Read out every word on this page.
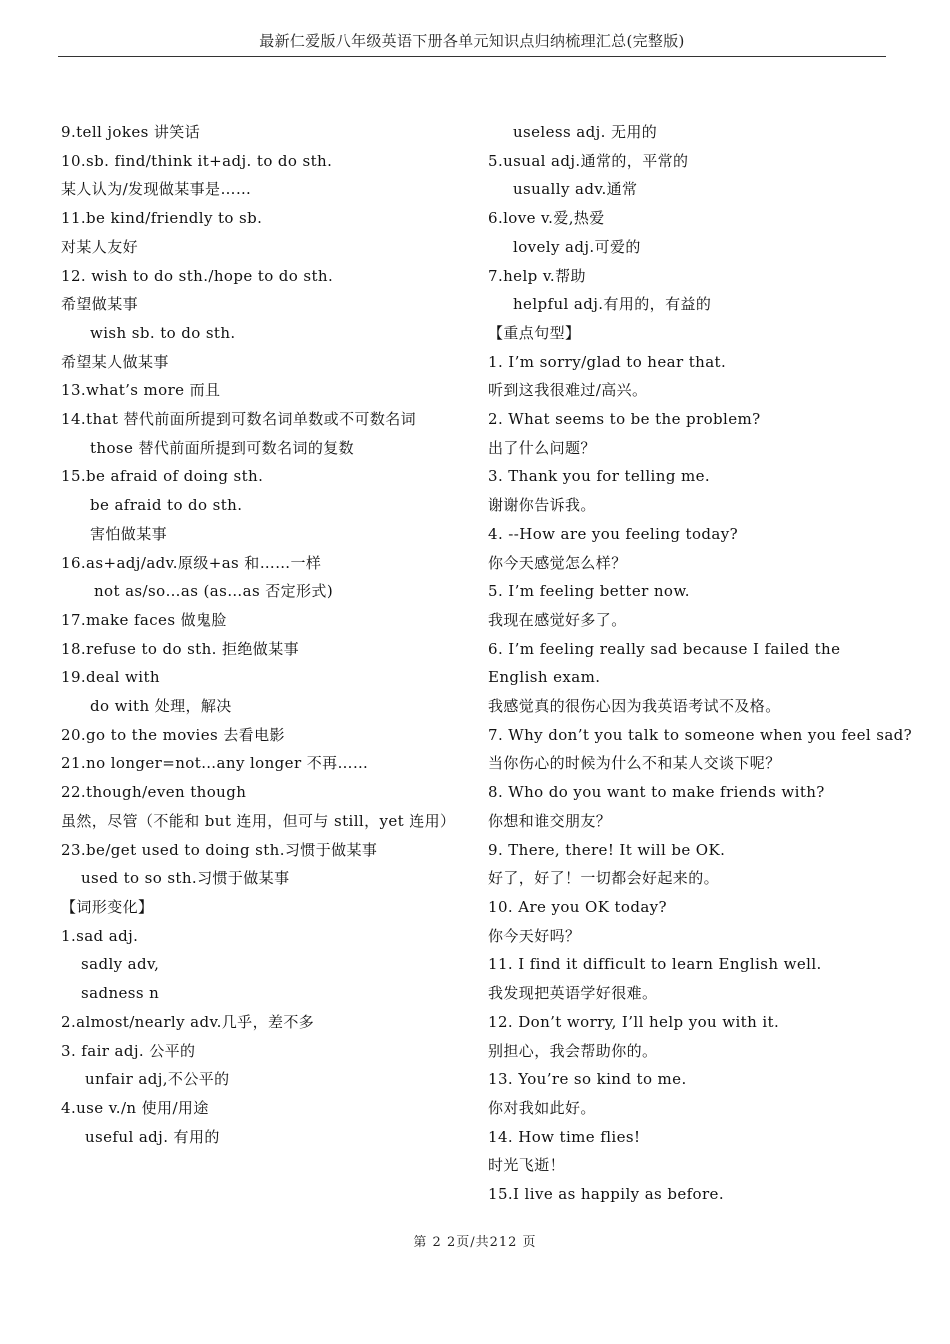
最新仁爱版八年级英语下册各单元知识点归纳梳理汇总(完整版)
9.tell jokes 讲笑话
10.sb. find/think it+adj. to do sth.
某人认为/发现做某事是……
11.be kind/friendly to sb.
对某人友好
12. wish to do sth./hope to do sth.
希望做某事
wish sb. to do sth.
希望某人做某事
13.what’s more 而且
14.that 替代前面所提到可数名词单数或不可数名词
those 替代前面所提到可数名词的复数
15.be afraid of doing sth.
be afraid to do sth.
害怕做某事
16.as+adj/adv.原级+as 和……一样
not as/so…as (as…as 否定形式)
17.make faces 做鬼脸
18.refuse to do sth. 拒绝做某事
19.deal with
do with 处理，解决
20.go to the movies 去看电影
21.no longer=not…any longer 不再……
22.though/even though
虽然，尽管（不能和 but 连用，但可与 still，yet 连用）
23.be/get used to doing sth.习惯于做某事
used to so sth.习惯于做某事
【词形变化】
1.sad adj.
sadly adv,
sadness n
2.almost/nearly adv.几乎，差不多
3. fair adj. 公平的
unfair adj,不公平的
4.use v./n 使用/用途
useful adj. 有用的
useless adj. 无用的
5.usual adj.通常的，平常的
usually adv.通常
6.love v.爱,热爱
lovely adj.可爱的
7.help v.帮助
helpful adj.有用的，有益的
【重点句型】
1. I’m sorry/glad to hear that.
听到这我很难过/高兴。
2. What seems to be the problem?
出了什么问题？
3. Thank you for telling me.
谢谢你告诉我。
4. --How are you feeling today?
你今天感觉怎么样？
5. I’m feeling better now.
我现在感觉好多了。
6. I’m feeling really sad because I failed the English exam.
我感觉真的很伤心因为我英语考试不及格。
7. Why don’t you talk to someone when you feel sad?
当你伤心的时候为什么不和某人交谈下呢？
8. Who do you want to make friends with?
你想和谁交朋友？
9. There, there! It will be OK.
好了，好了！一切都会好起来的。
10. Are you OK today?
你今天好吗？
11. I find it difficult to learn English well.
我发现把英语学好很难。
12. Don’t worry, I’ll help you with it.
别担心，我会帮助你的。
13. You’re so kind to me.
你对我如此好。
14. How time flies!
时光飞逝！
15.I live as happily as before.
第 2 2页/共212 页
